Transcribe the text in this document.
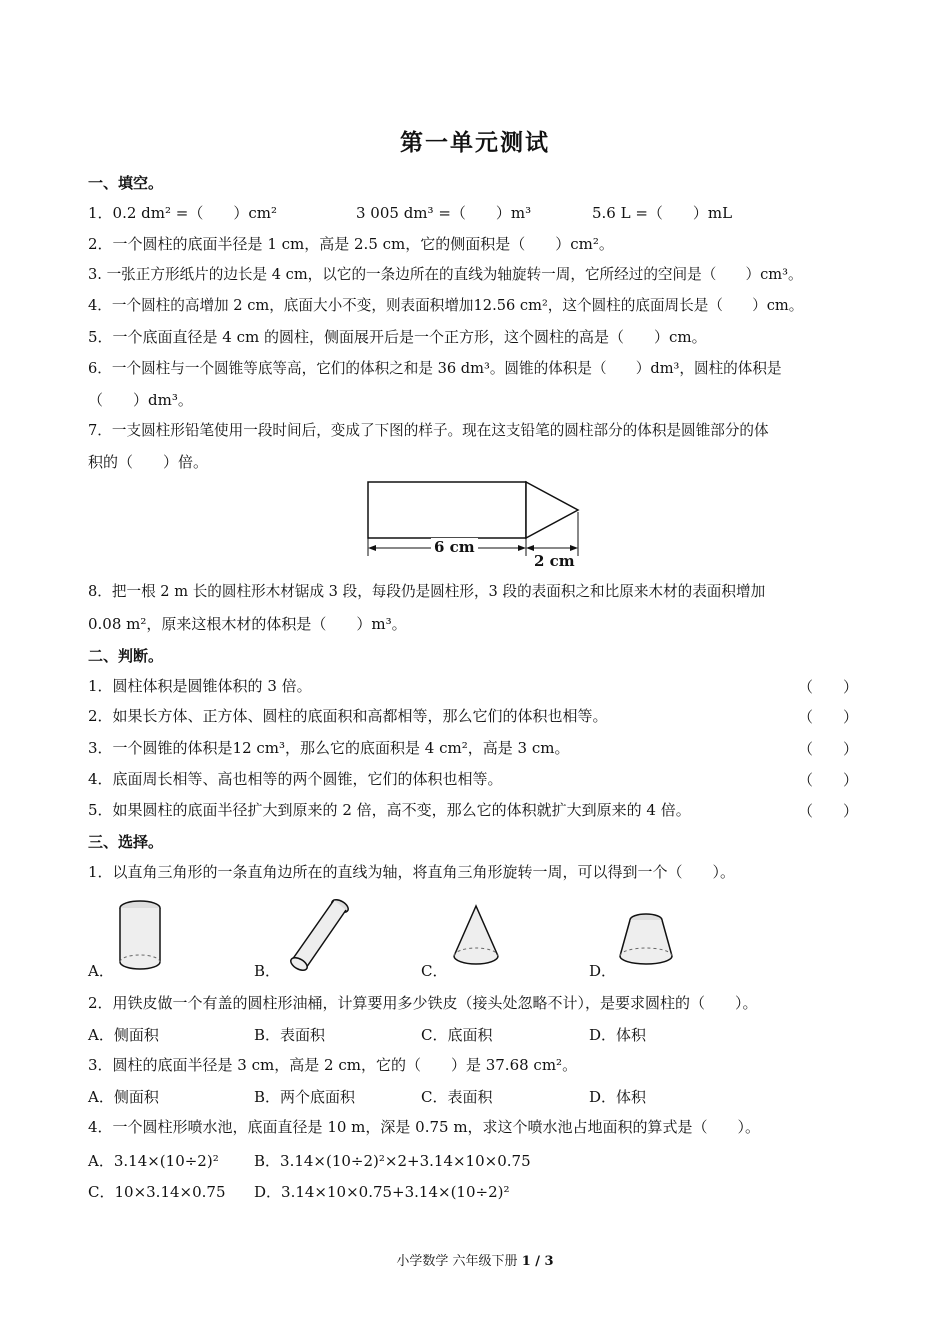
第一单元测试
一、填空。
1．0.2 dm² =（　　）cm²	3 005 dm³ =（　　）m³	5.6 L =（　　）mL
2．一个圆柱的底面半径是 1 cm，高是 2.5 cm，它的侧面积是（　　）cm²。
3. 一张正方形纸片的边长是 4 cm，以它的一条边所在的直线为轴旋转一周，它所经过的空间是（　　）cm³。
4．一个圆柱的高增加 2 cm，底面大小不变，则表面积增加12.56 cm²，这个圆柱的底面周长是（　　）cm。
5．一个底面直径是 4 cm 的圆柱，侧面展开后是一个正方形，这个圆柱的高是（　　）cm。
6．一个圆柱与一个圆锥等底等高，它们的体积之和是 36 dm³。圆锥的体积是（　　）dm³，圆柱的体积是
（　　）dm³。
7．一支圆柱形铅笔使用一段时间后，变成了下图的样子。现在这支铅笔的圆柱部分的体积是圆锥部分的体
积的（　　）倍。
6 cm
2 cm
8．把一根 2 m 长的圆柱形木材锯成 3 段，每段仍是圆柱形，3 段的表面积之和比原来木材的表面积增加
0.08 m²，原来这根木材的体积是（　　）m³。
二、判断。
1．圆柱体积是圆锥体积的 3 倍。	（　　）
2．如果长方体、正方体、圆柱的底面积和高都相等，那么它们的体积也相等。	（　　）
3．一个圆锥的体积是12 cm³，那么它的底面积是 4 cm²，高是 3 cm。	（　　）
4．底面周长相等、高也相等的两个圆锥，它们的体积也相等。	（　　）
5．如果圆柱的底面半径扩大到原来的 2 倍，高不变，那么它的体积就扩大到原来的 4 倍。	（　　）
三、选择。
1．以直角三角形的一条直角边所在的直线为轴，将直角三角形旋转一周，可以得到一个（　　）。
A．	B．	C．	D．
2．用铁皮做一个有盖的圆柱形油桶，计算要用多少铁皮（接头处忽略不计），是要求圆柱的（　　）。
A．侧面积	B．表面积	C．底面积	D．体积
3．圆柱的底面半径是 3 cm，高是 2 cm，它的（　　）是 37.68 cm²。
A．侧面积	B．两个底面积	C．表面积	D．体积
4．一个圆柱形喷水池，底面直径是 10 m，深是 0.75 m，求这个喷水池占地面积的算式是（　　）。
A．3.14×(10÷2)² B．3.14×(10÷2)²×2+3.14×10×0.75
C．10×3.14×0.75 D．3.14×10×0.75+3.14×(10÷2)²
小学数学 六年级下册 1 / 3
